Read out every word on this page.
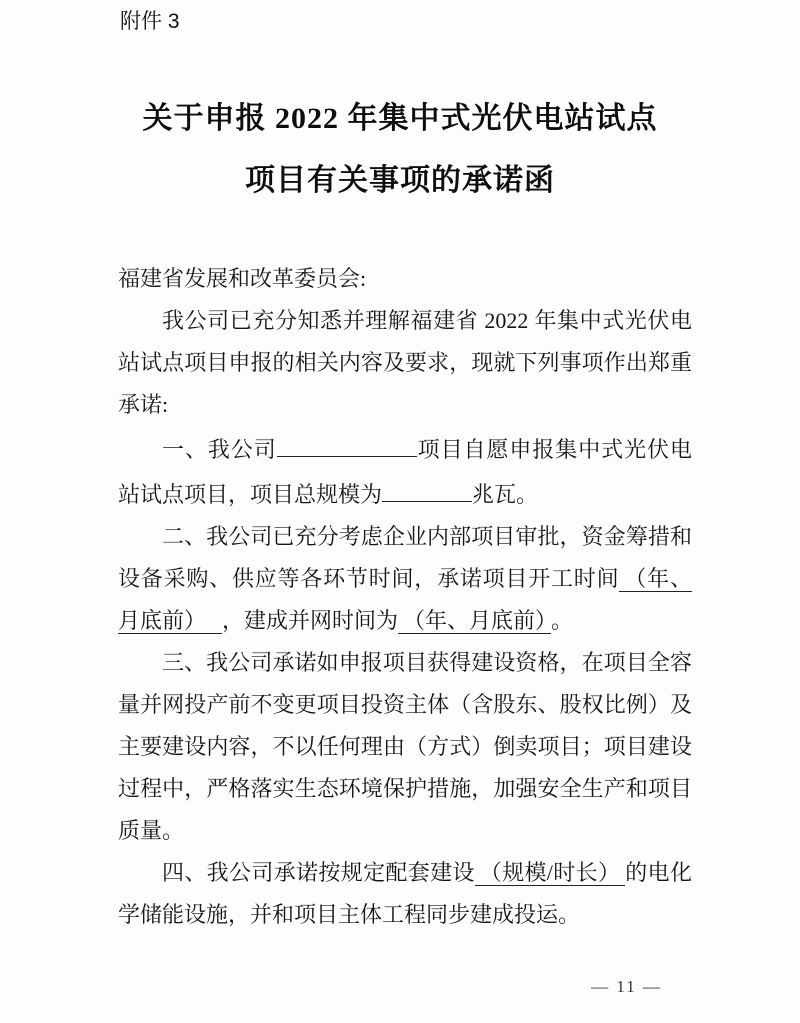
附件 3
关于申报 2022 年集中式光伏电站试点
项目有关事项的承诺函

福建省发展和改革委员会:

我公司已充分知悉并理解福建省 2022 年集中式光伏电站试点项目申报的相关内容及要求，现就下列事项作出郑重承诺:

一、我公司	项目自愿申报集中式光伏电站试点项目，项目总规模为	兆瓦。

二、我公司已充分考虑企业内部项目审批，资金筹措和设备采购、供应等各环节时间，承诺项目开工时间 （年、月底前）　，建成并网时间为 （年、月底前） 。

三、我公司承诺如申报项目获得建设资格，在项目全容量并网投产前不变更项目投资主体（含股东、股权比例）及主要建设内容，不以任何理由（方式）倒卖项目；项目建设过程中，严格落实生态环境保护措施，加强安全生产和项目质量。

四、我公司承诺按规定配套建设 （规模/时长） 的电化学储能设施，并和项目主体工程同步建成投运。

— 11 —
